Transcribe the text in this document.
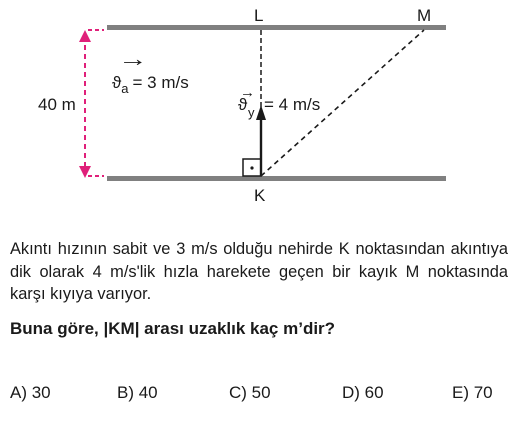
40 m
→
$ϑ_a = 3$ m/s
→
ϑ y = 4 m/s
L	M
K

Akıntı hızının sabit ve 3 m/s olduğu nehirde K noktasından akıntıya dik olarak 4 m/s'lik hızla harekete geçen bir kayık M noktasında karşı kıyıya varıyor.

Buna göre, |KM| arası uzaklık kaç m’dir?

A) 30	B) 40	C) 50	D) 60	E) 70
